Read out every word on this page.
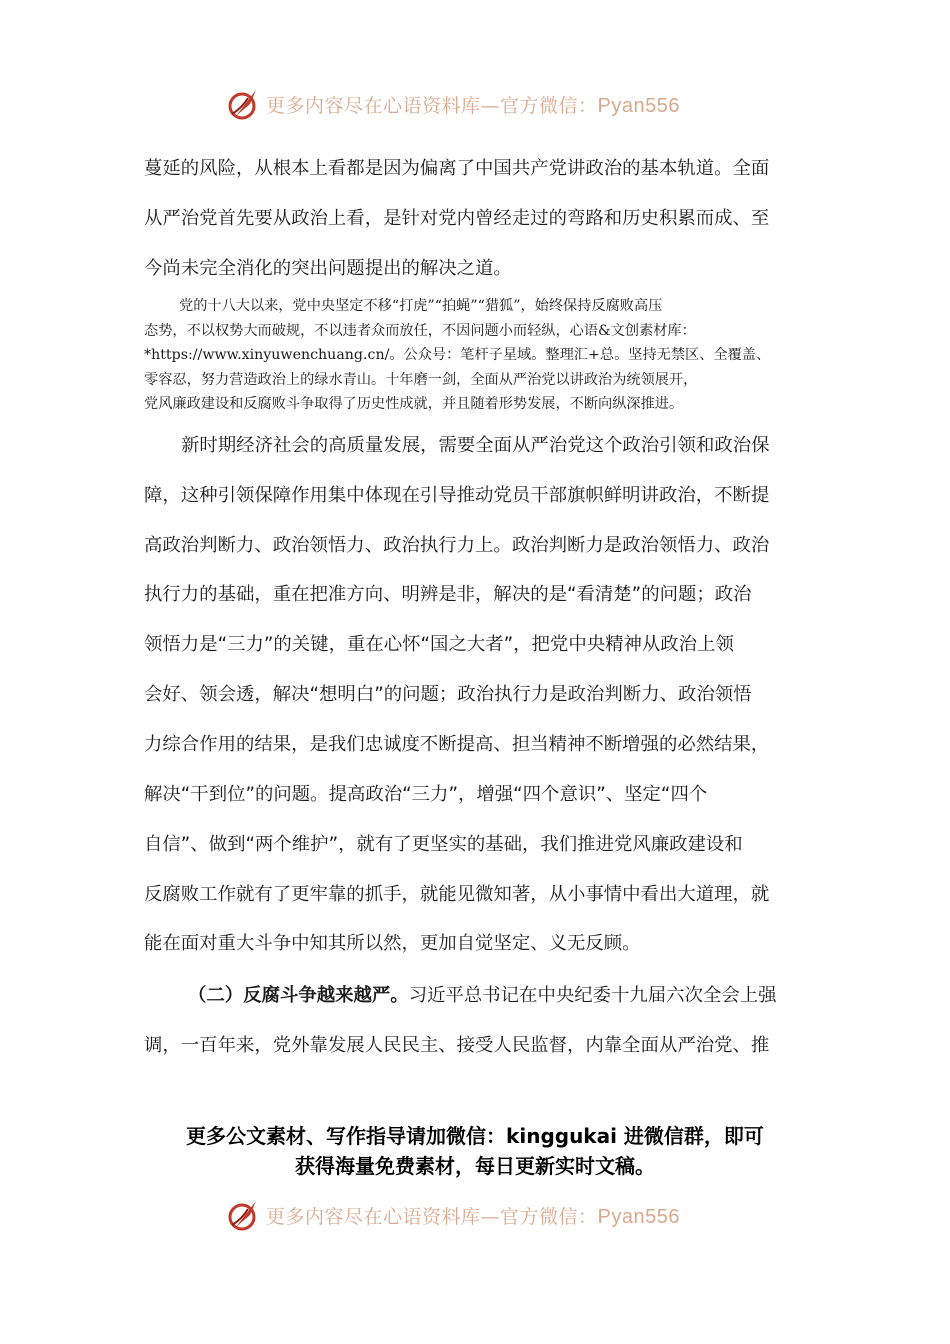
更多内容尽在心语资料库—官方微信：Pyan556
蔓延的风险，从根本上看都是因为偏离了中国共产党讲政治的基本轨道。全面
从严治党首先要从政治上看，是针对党内曾经走过的弯路和历史积累而成、至
今尚未完全消化的突出问题提出的解决之道。
党的十八大以来，党中央坚定不移“打虎”“拍蝇”“猎狐”，始终保持反腐败高压
态势，不以权势大而破规，不以违者众而放任，不因问题小而轻纵，心语&文创素材库：
*https://www.xinyuwenchuang.cn/。公众号：笔杆子星域。整理汇+总。坚持无禁区、全覆盖、
零容忍，努力营造政治上的绿水青山。十年磨一剑，全面从严治党以讲政治为统领展开，
党风廉政建设和反腐败斗争取得了历史性成就，并且随着形势发展，不断向纵深推进。
新时期经济社会的高质量发展，需要全面从严治党这个政治引领和政治保
障，这种引领保障作用集中体现在引导推动党员干部旗帜鲜明讲政治，不断提
高政治判断力、政治领悟力、政治执行力上。政治判断力是政治领悟力、政治
执行力的基础，重在把准方向、明辨是非，解决的是“看清楚”的问题；政治
领悟力是“三力”的关键，重在心怀“国之大者”，把党中央精神从政治上领
会好、领会透，解决“想明白”的问题；政治执行力是政治判断力、政治领悟
力综合作用的结果，是我们忠诚度不断提高、担当精神不断增强的必然结果，
解决“干到位”的问题。提高政治“三力”，增强“四个意识”、坚定“四个
自信”、做到“两个维护”，就有了更坚实的基础，我们推进党风廉政建设和
反腐败工作就有了更牢靠的抓手，就能见微知著，从小事情中看出大道理，就
能在面对重大斗争中知其所以然，更加自觉坚定、义无反顾。
（二）反腐斗争越来越严。习近平总书记在中央纪委十九届六次全会上强
调，一百年来，党外靠发展人民民主、接受人民监督，内靠全面从严治党、推
更多公文素材、写作指导请加微信：kinggukai 进微信群，即可
获得海量免费素材，每日更新实时文稿。
更多内容尽在心语资料库—官方微信：Pyan556
